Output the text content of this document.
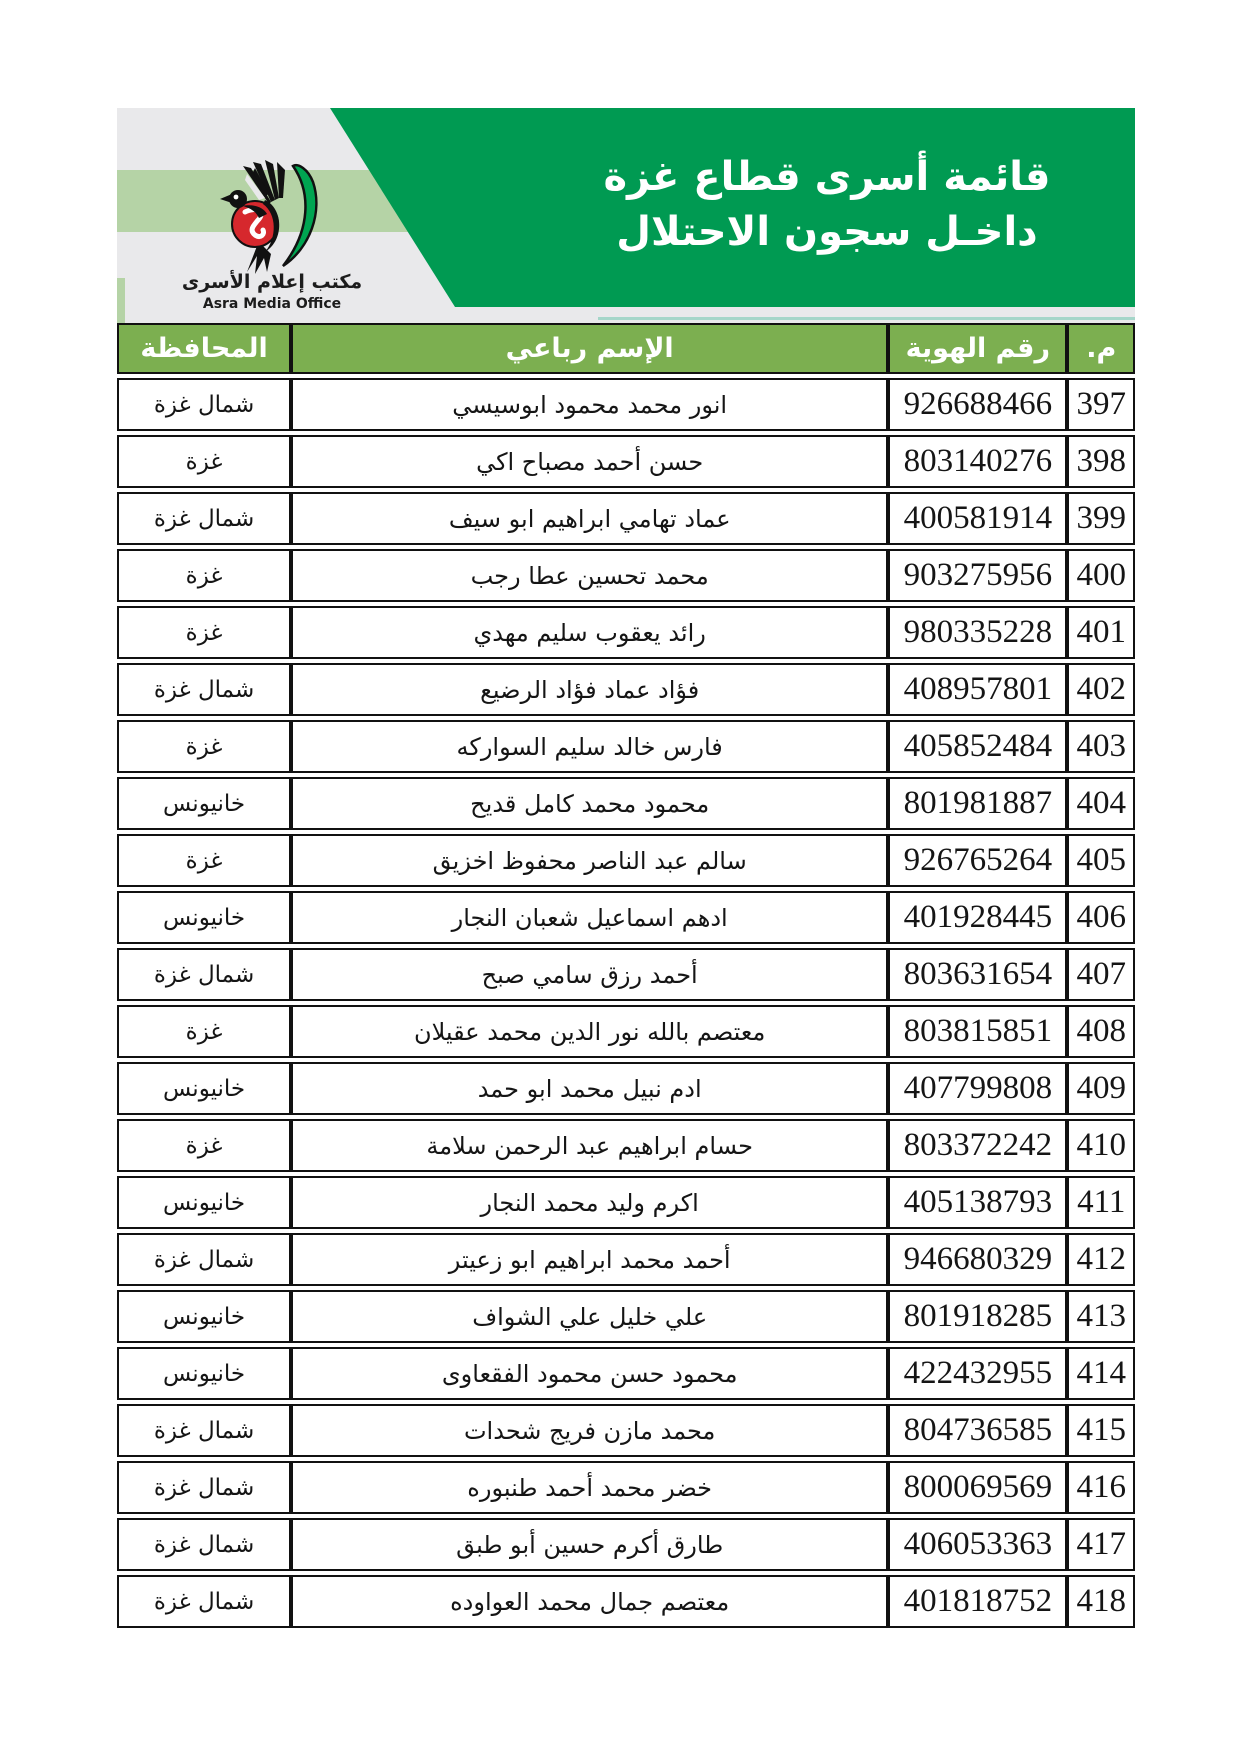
قائمة أسرى قطاع غزة
داخـل سجون الاحتلال
مكتب إعلام الأسرى
Asra Media Office
م.	رقم الهوية	الإسم رباعي	المحافظة
397	926688466	انور محمد محمود ابوسيسي	شمال غزة
398	803140276	حسن أحمد مصباح اكي	غزة
399	400581914	عماد تهامي ابراهيم ابو سيف	شمال غزة
400	903275956	محمد تحسين عطا رجب	غزة
401	980335228	رائد يعقوب سليم مهدي	غزة
402	408957801	فؤاد عماد فؤاد الرضيع	شمال غزة
403	405852484	فارس خالد سليم السواركه	غزة
404	801981887	محمود محمد كامل قديح	خانيونس
405	926765264	سالم عبد الناصر محفوظ اخزيق	غزة
406	401928445	ادهم اسماعيل شعبان النجار	خانيونس
407	803631654	أحمد رزق سامي صبح	شمال غزة
408	803815851	معتصم بالله نور الدين محمد عقيلان	غزة
409	407799808	ادم نبيل محمد ابو حمد	خانيونس
410	803372242	حسام ابراهيم عبد الرحمن سلامة	غزة
411	405138793	اكرم وليد محمد النجار	خانيونس
412	946680329	أحمد محمد ابراهيم ابو زعيتر	شمال غزة
413	801918285	علي خليل علي الشواف	خانيونس
414	422432955	محمود حسن محمود الفقعاوى	خانيونس
415	804736585	محمد مازن فريج شحدات	شمال غزة
416	800069569	خضر محمد أحمد طنبوره	شمال غزة
417	406053363	طارق أكرم حسين أبو طبق	شمال غزة
418	401818752	معتصم جمال محمد العواوده	شمال غزة
